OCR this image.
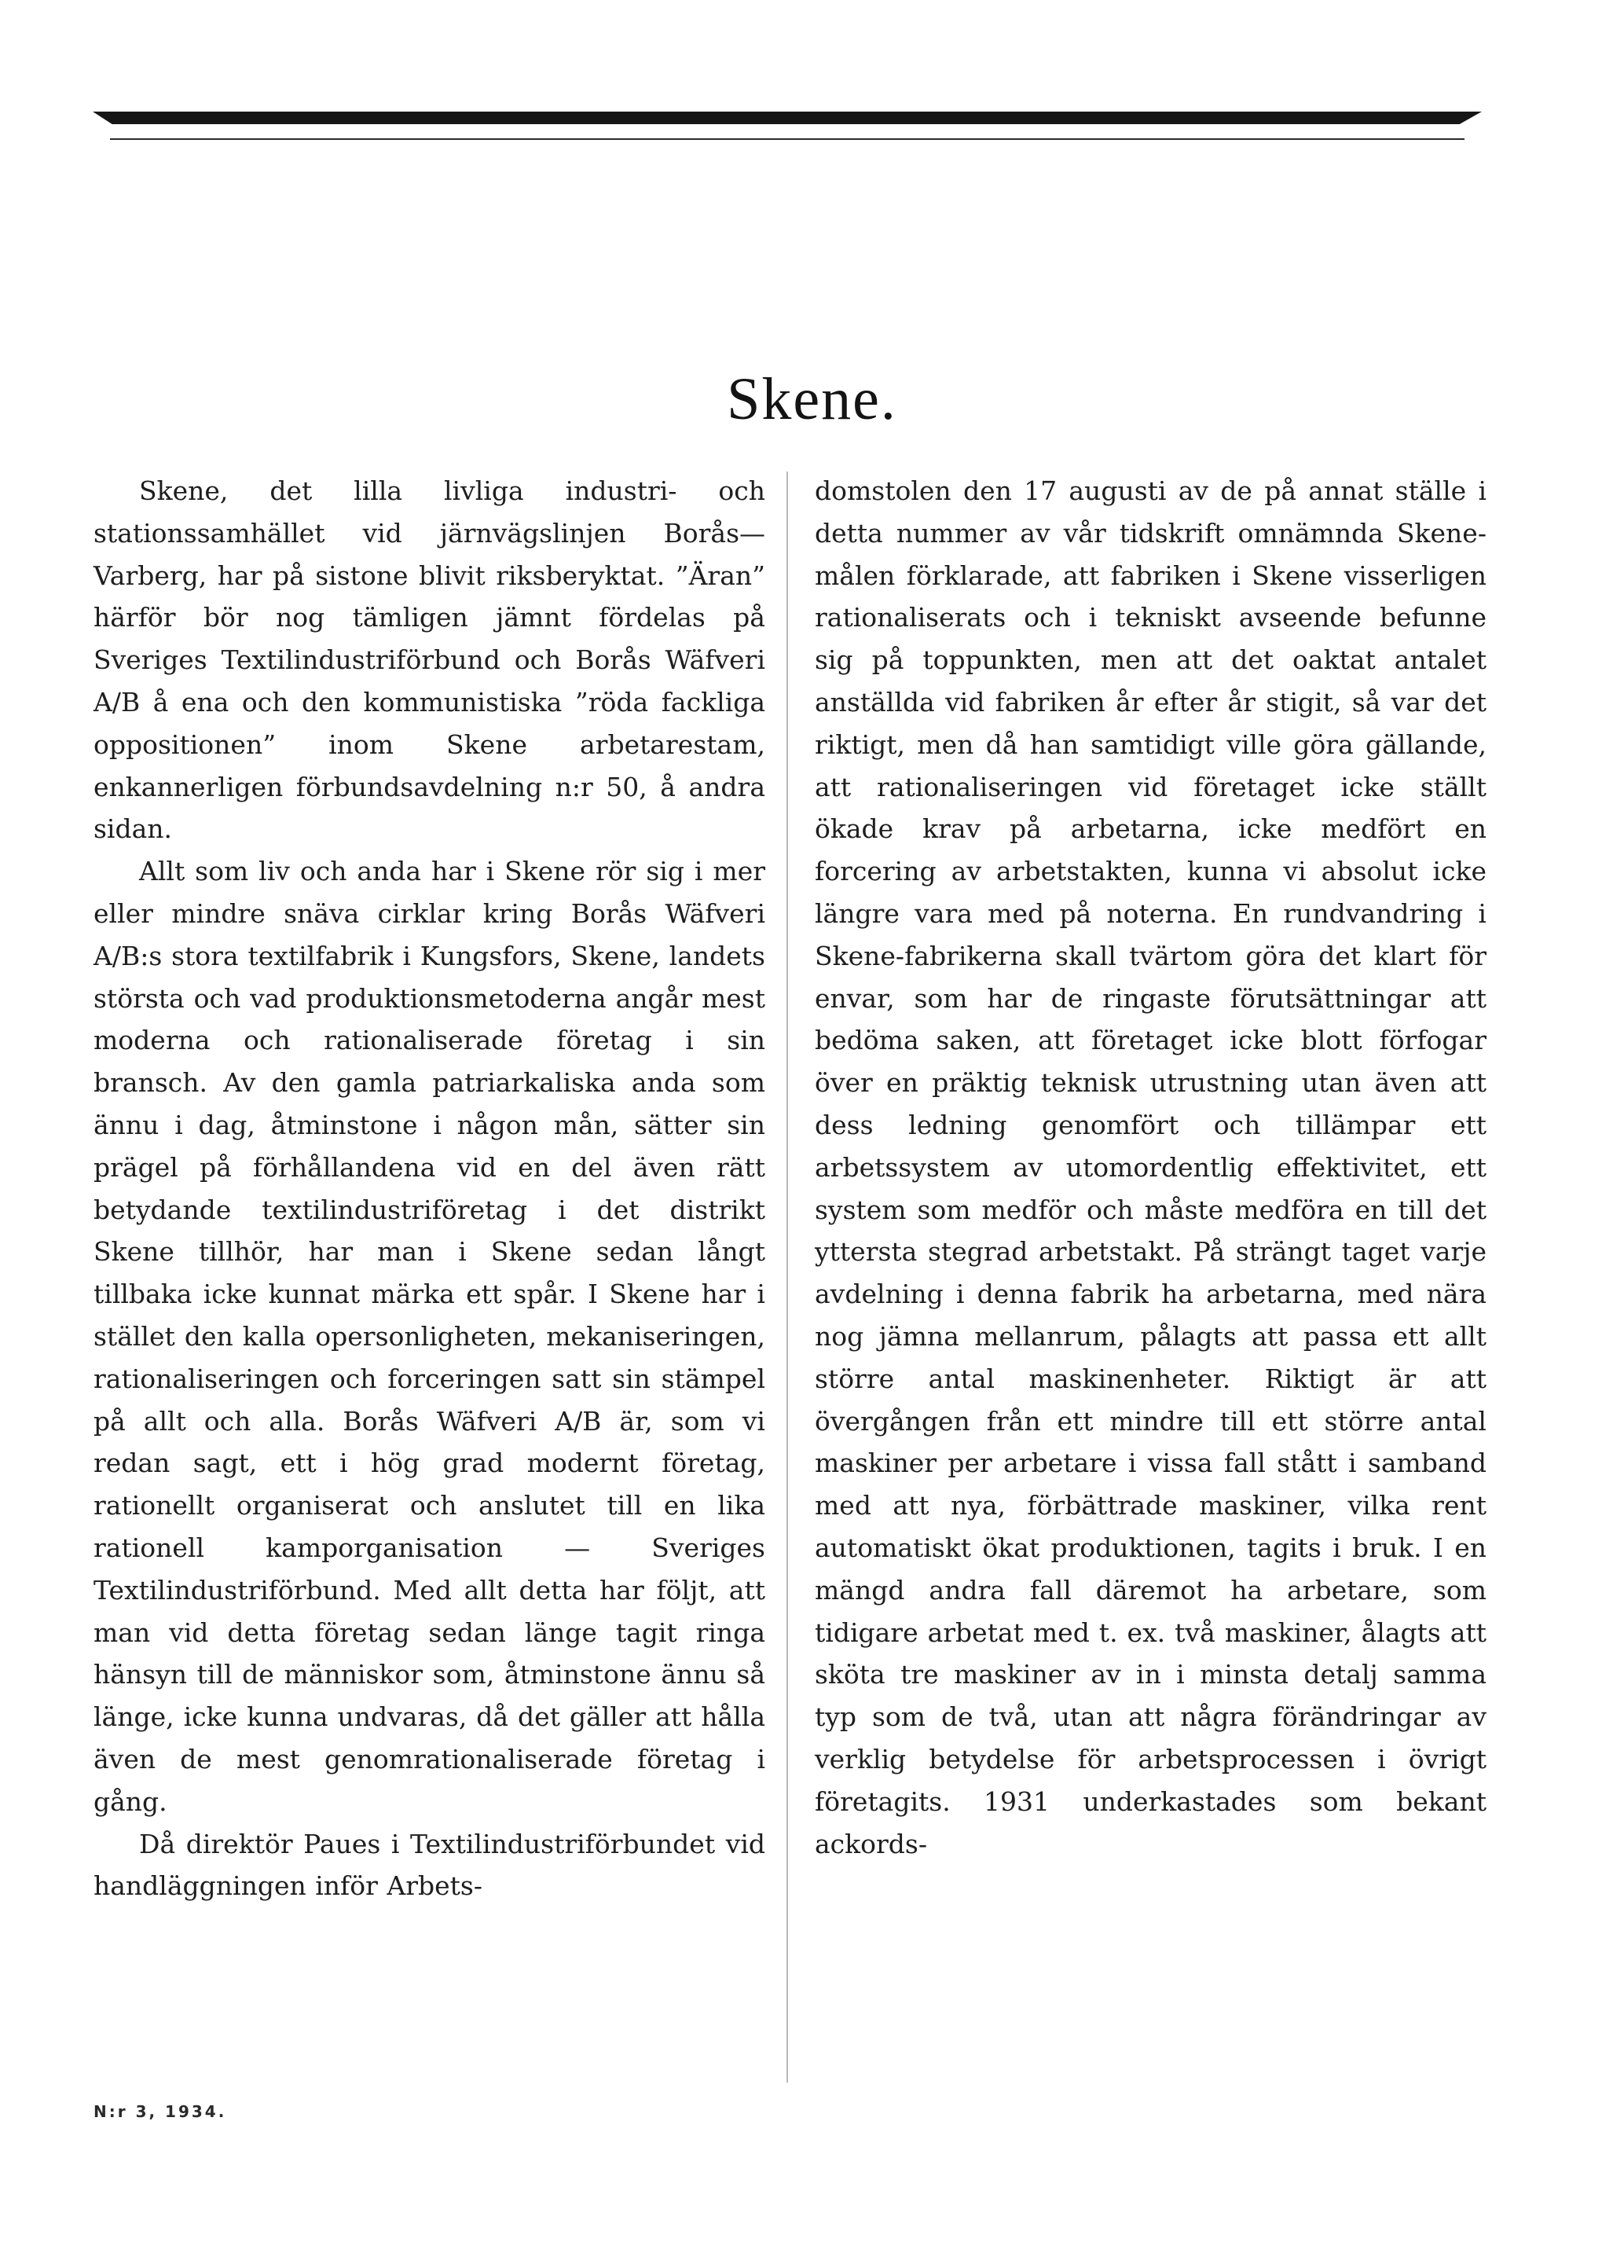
Skene.

Skene, det lilla livliga industri- och stationssamhället vid järnvägslinjen Borås—Varberg, har på sistone blivit riksberyktat. ”Äran” härför bör nog tämligen jämnt fördelas på Sveriges Textilindustriförbund och Borås Wäfveri A/B å ena och den kommunistiska ”röda fackliga oppositionen” inom Skene arbetarestam, enkannerligen förbundsavdelning n:r 50, å andra sidan.

Allt som liv och anda har i Skene rör sig i mer eller mindre snäva cirklar kring Borås Wäfveri A/B:s stora textilfabrik i Kungsfors, Skene, landets största och vad produktionsmetoderna angår mest moderna och rationaliserade företag i sin bransch. Av den gamla patriarkaliska anda som ännu i dag, åtminstone i någon mån, sätter sin prägel på förhållandena vid en del även rätt betydande textilindustriföretag i det distrikt Skene tillhör, har man i Skene sedan långt tillbaka icke kunnat märka ett spår. I Skene har i stället den kalla opersonligheten, mekaniseringen, rationaliseringen och forceringen satt sin stämpel på allt och alla. Borås Wäfveri A/B är, som vi redan sagt, ett i hög grad modernt företag, rationellt organiserat och anslutet till en lika rationell kamporganisation — Sveriges Textilindustriförbund. Med allt detta har följt, att man vid detta företag sedan länge tagit ringa hänsyn till de människor som, åtminstone ännu så länge, icke kunna undvaras, då det gäller att hålla även de mest genomrationaliserade företag i gång.

Då direktör Paues i Textilindustriförbundet vid handläggningen inför Arbets-

domstolen den 17 augusti av de på annat ställe i detta nummer av vår tidskrift omnämnda Skene-målen förklarade, att fabriken i Skene visserligen rationaliserats och i tekniskt avseende befunne sig på toppunkten, men att det oaktat antalet anställda vid fabriken år efter år stigit, så var det riktigt, men då han samtidigt ville göra gällande, att rationaliseringen vid företaget icke ställt ökade krav på arbetarna, icke medfört en forcering av arbetstakten, kunna vi absolut icke längre vara med på noterna. En rundvandring i Skene-fabrikerna skall tvärtom göra det klart för envar, som har de ringaste förutsättningar att bedöma saken, att företaget icke blott förfogar över en präktig teknisk utrustning utan även att dess ledning genomfört och tillämpar ett arbetssystem av utomordentlig effektivitet, ett system som medför och måste medföra en till det yttersta stegrad arbetstakt. På strängt taget varje avdelning i denna fabrik ha arbetarna, med nära nog jämna mellanrum, pålagts att passa ett allt större antal maskinenheter. Riktigt är att övergången från ett mindre till ett större antal maskiner per arbetare i vissa fall stått i samband med att nya, förbättrade maskiner, vilka rent automatiskt ökat produktionen, tagits i bruk. I en mängd andra fall däremot ha arbetare, som tidigare arbetat med t. ex. två maskiner, ålagts att sköta tre maskiner av in i minsta detalj samma typ som de två, utan att några förändringar av verklig betydelse för arbetsprocessen i övrigt företagits. 1931 underkastades som bekant ackords-

N:r 3, 1934.
